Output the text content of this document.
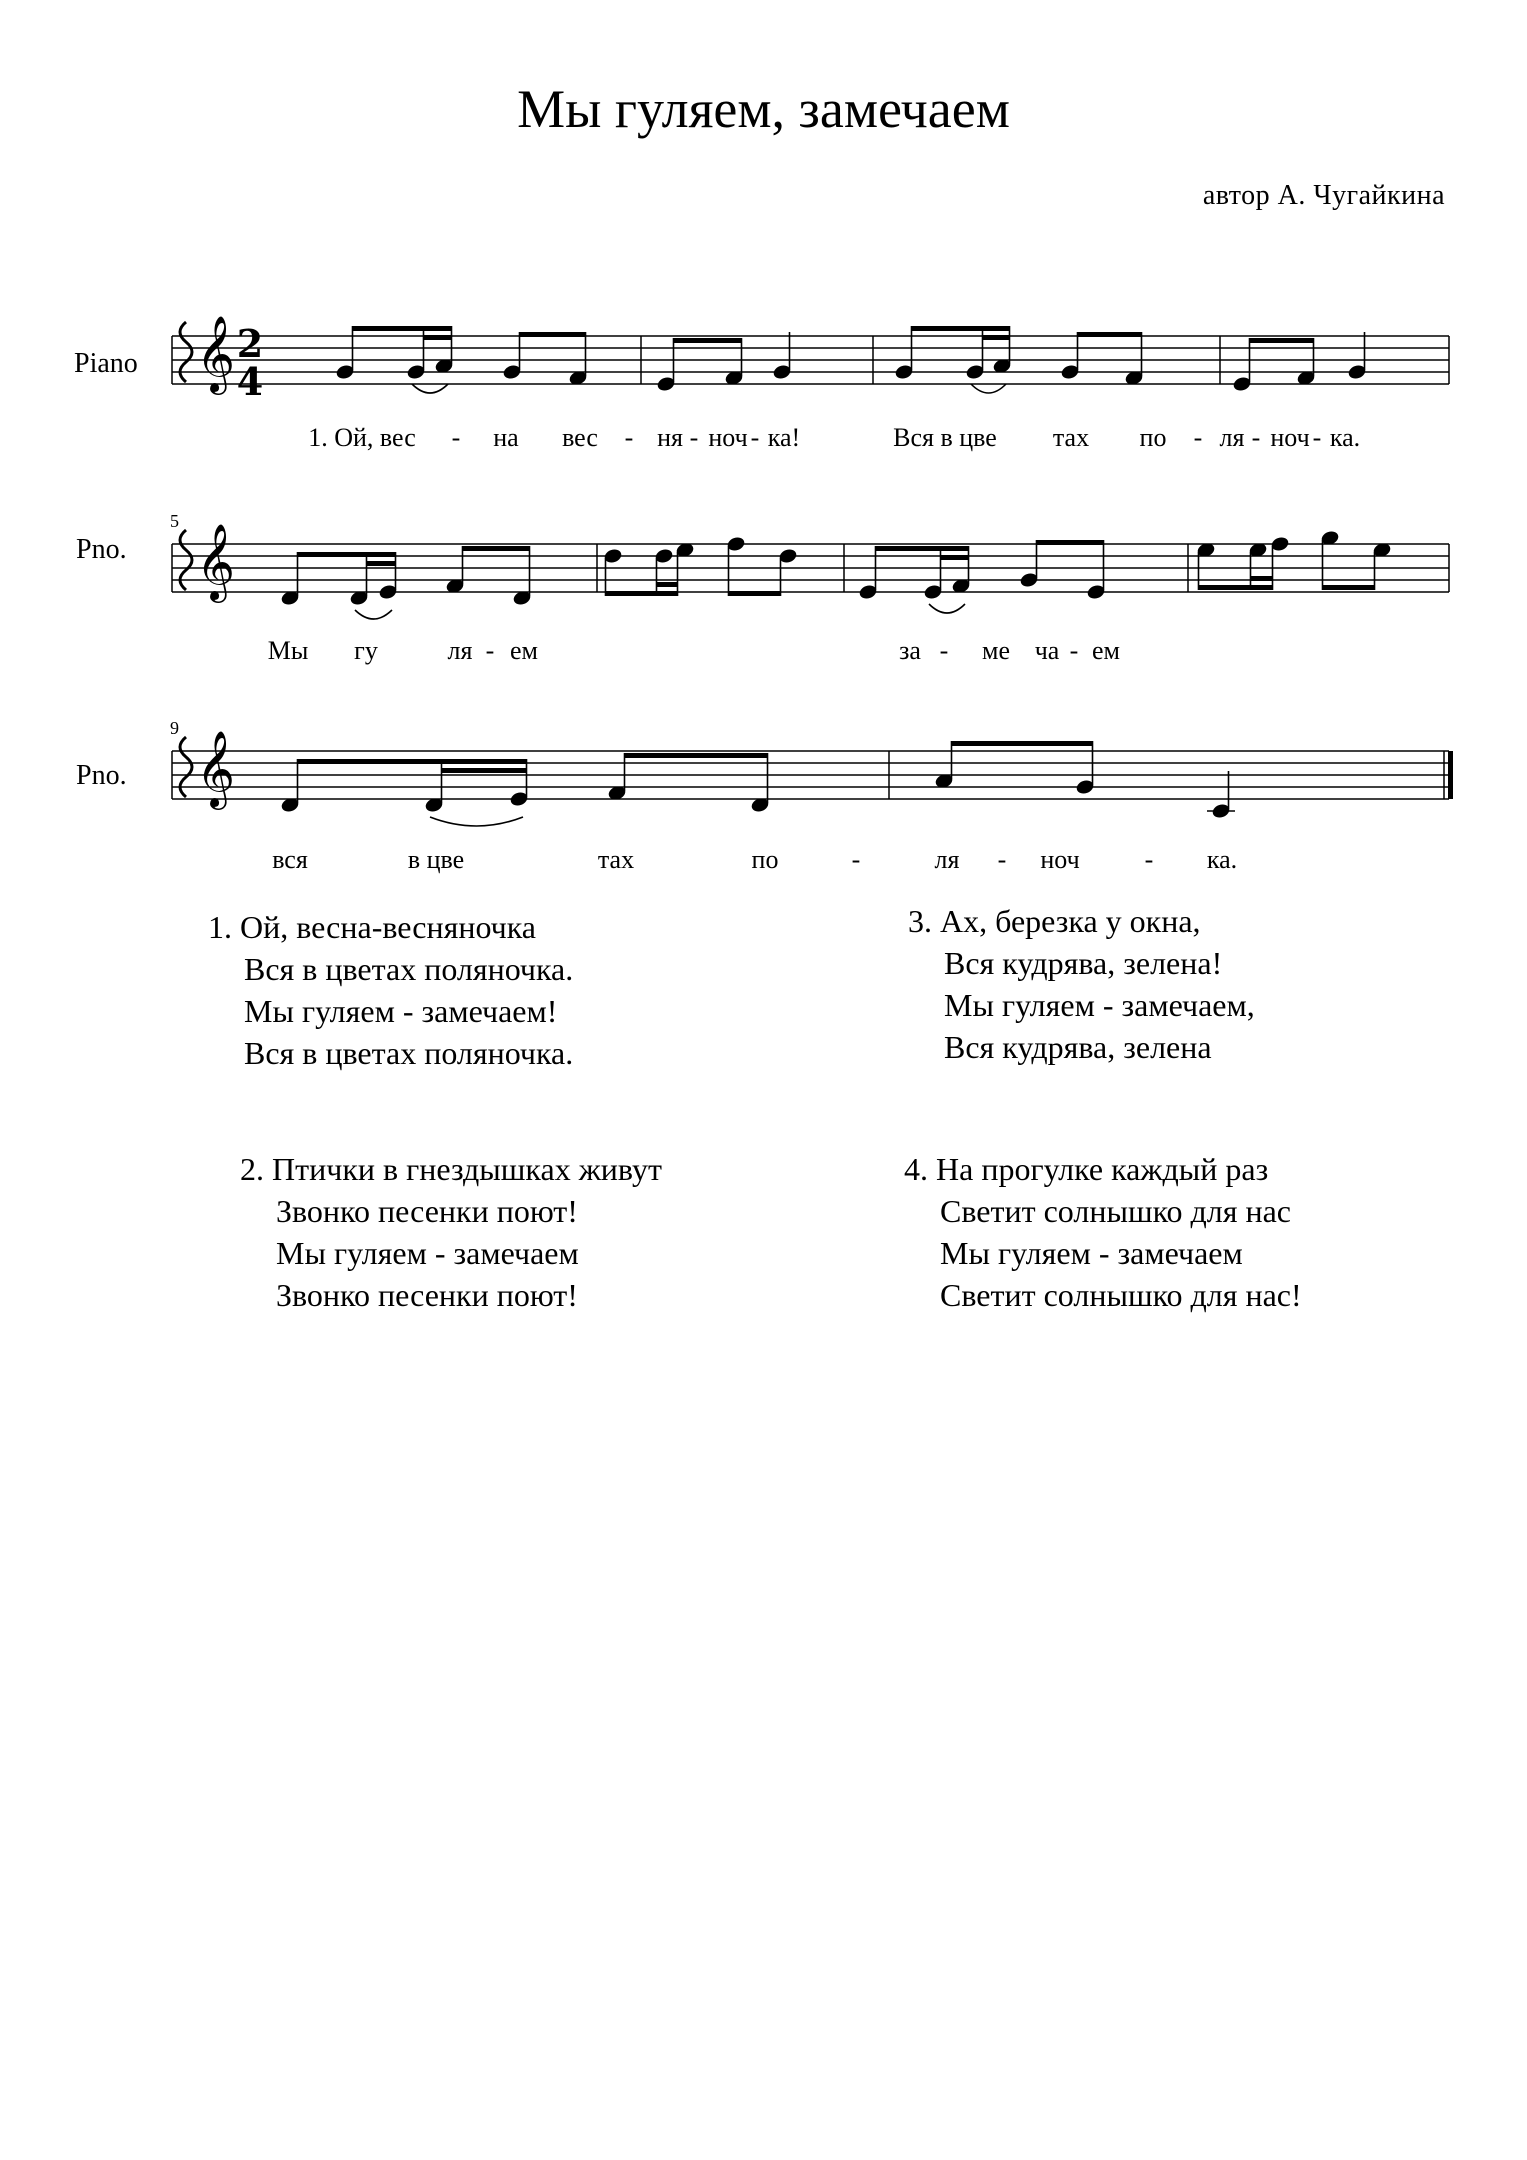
Мы гуляем, замечаем
автор А. Чугайкина
𝄞
𝄞
𝄞
Piano
Pno.
Pno.
5
9
2
4
1. Ой, вес - на вес - ня - ноч - ка!	Вся в цве тах по - ля - ноч - ка.
Мы гу	ля - ем	за - ме ча - ем
вся	в цве	тах	по	-	ля - ноч	- ка.
1. Ой, весна-весняночка
Вся в цветах поляночка.
Мы гуляем - замечаем!
Вся в цветах поляночка.
3. Ах, березка у окна,
Вся кудрява, зелена!
Мы гуляем - замечаем,
Вся кудрява, зелена
2. Птички в гнездышках живут
Звонко песенки поют!
Мы гуляем - замечаем
Звонко песенки поют!
4. На прогулке каждый раз
Светит солнышко для нас
Мы гуляем - замечаем
Светит солнышко для нас!
